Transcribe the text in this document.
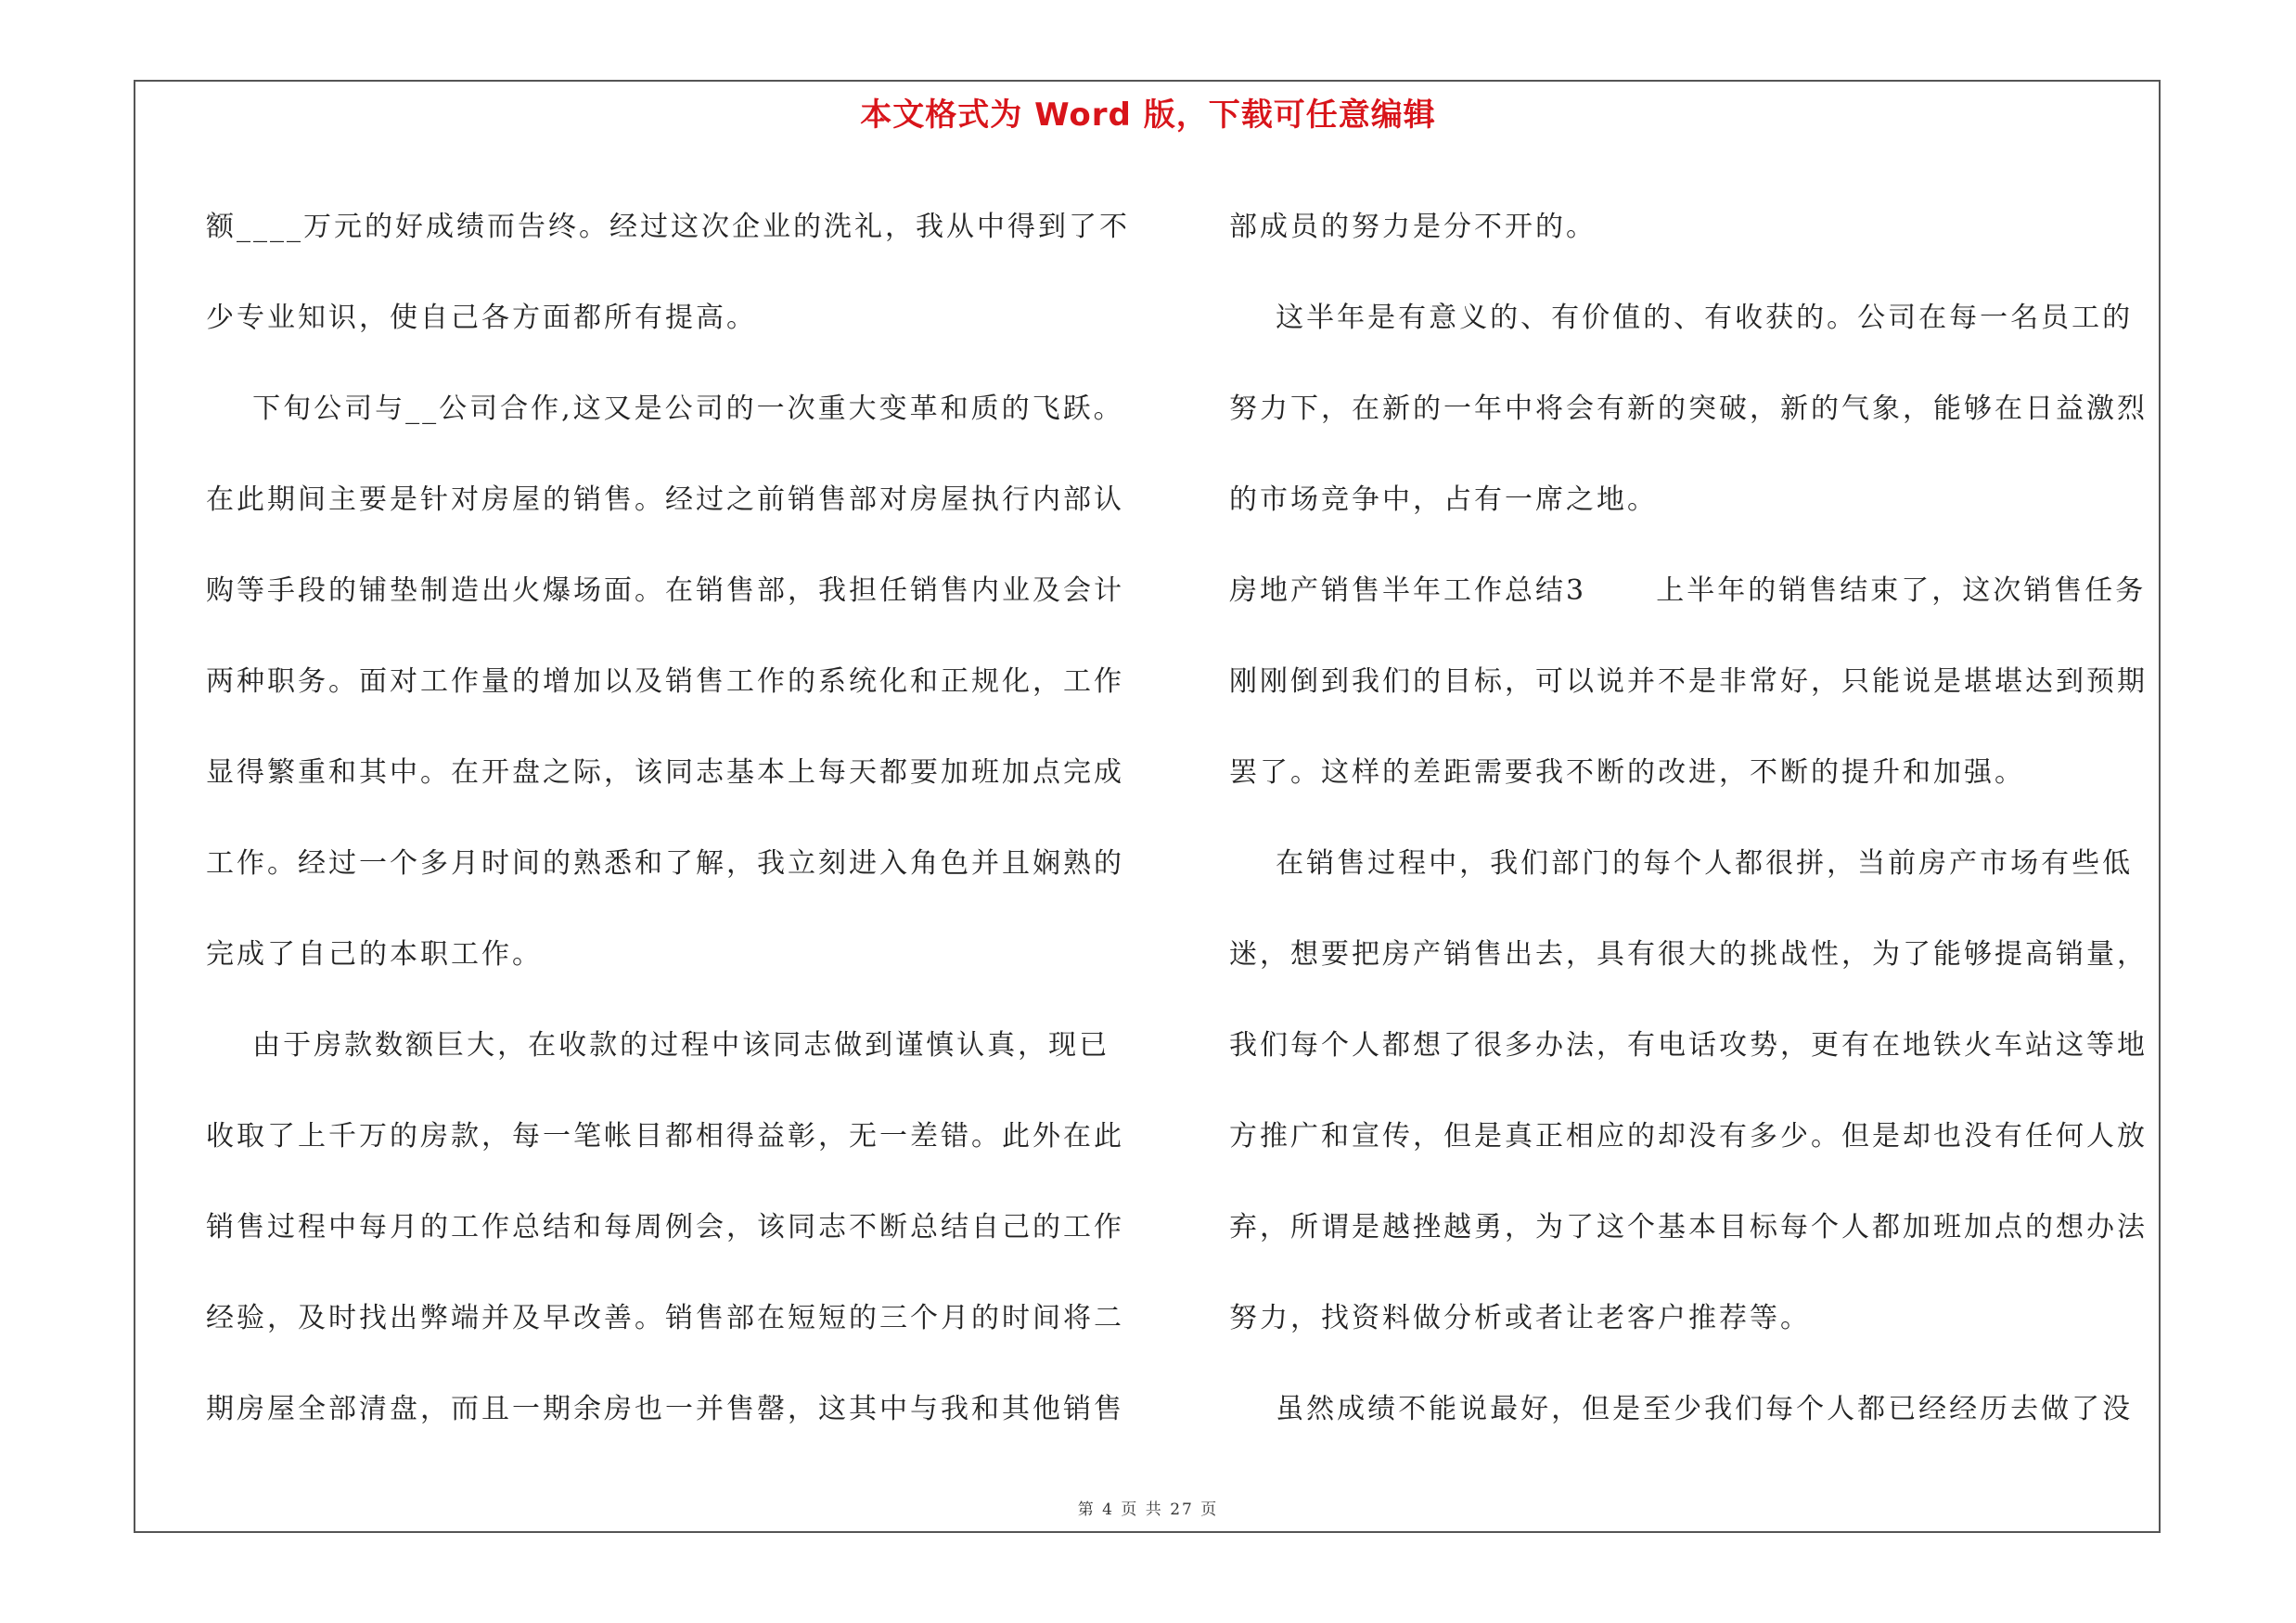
本文格式为 Word 版，下载可任意编辑
额____万元的好成绩而告终。经过这次企业的洗礼，我从中得到了不
少专业知识，使自己各方面都所有提高。
下旬公司与__公司合作,这又是公司的一次重大变革和质的飞跃。
在此期间主要是针对房屋的销售。经过之前销售部对房屋执行内部认
购等手段的铺垫制造出火爆场面。在销售部，我担任销售内业及会计
两种职务。面对工作量的增加以及销售工作的系统化和正规化，工作
显得繁重和其中。在开盘之际，该同志基本上每天都要加班加点完成
工作。经过一个多月时间的熟悉和了解，我立刻进入角色并且娴熟的
完成了自己的本职工作。
由于房款数额巨大，在收款的过程中该同志做到谨慎认真，现已
收取了上千万的房款，每一笔帐目都相得益彰，无一差错。此外在此
销售过程中每月的工作总结和每周例会，该同志不断总结自己的工作
经验，及时找出弊端并及早改善。销售部在短短的三个月的时间将二
期房屋全部清盘，而且一期余房也一并售罄，这其中与我和其他销售
部成员的努力是分不开的。
这半年是有意义的、有价值的、有收获的。公司在每一名员工的
努力下，在新的一年中将会有新的突破，新的气象，能够在日益激烈
的市场竞争中，占有一席之地。
房地产销售半年工作总结3      上半年的销售结束了，这次销售任务
刚刚倒到我们的目标，可以说并不是非常好，只能说是堪堪达到预期
罢了。这样的差距需要我不断的改进，不断的提升和加强。
在销售过程中，我们部门的每个人都很拼，当前房产市场有些低
迷，想要把房产销售出去，具有很大的挑战性，为了能够提高销量，
我们每个人都想了很多办法，有电话攻势，更有在地铁火车站这等地
方推广和宣传，但是真正相应的却没有多少。但是却也没有任何人放
弃，所谓是越挫越勇，为了这个基本目标每个人都加班加点的想办法
努力，找资料做分析或者让老客户推荐等。
虽然成绩不能说最好，但是至少我们每个人都已经经历去做了没
第 4 页 共 27 页
